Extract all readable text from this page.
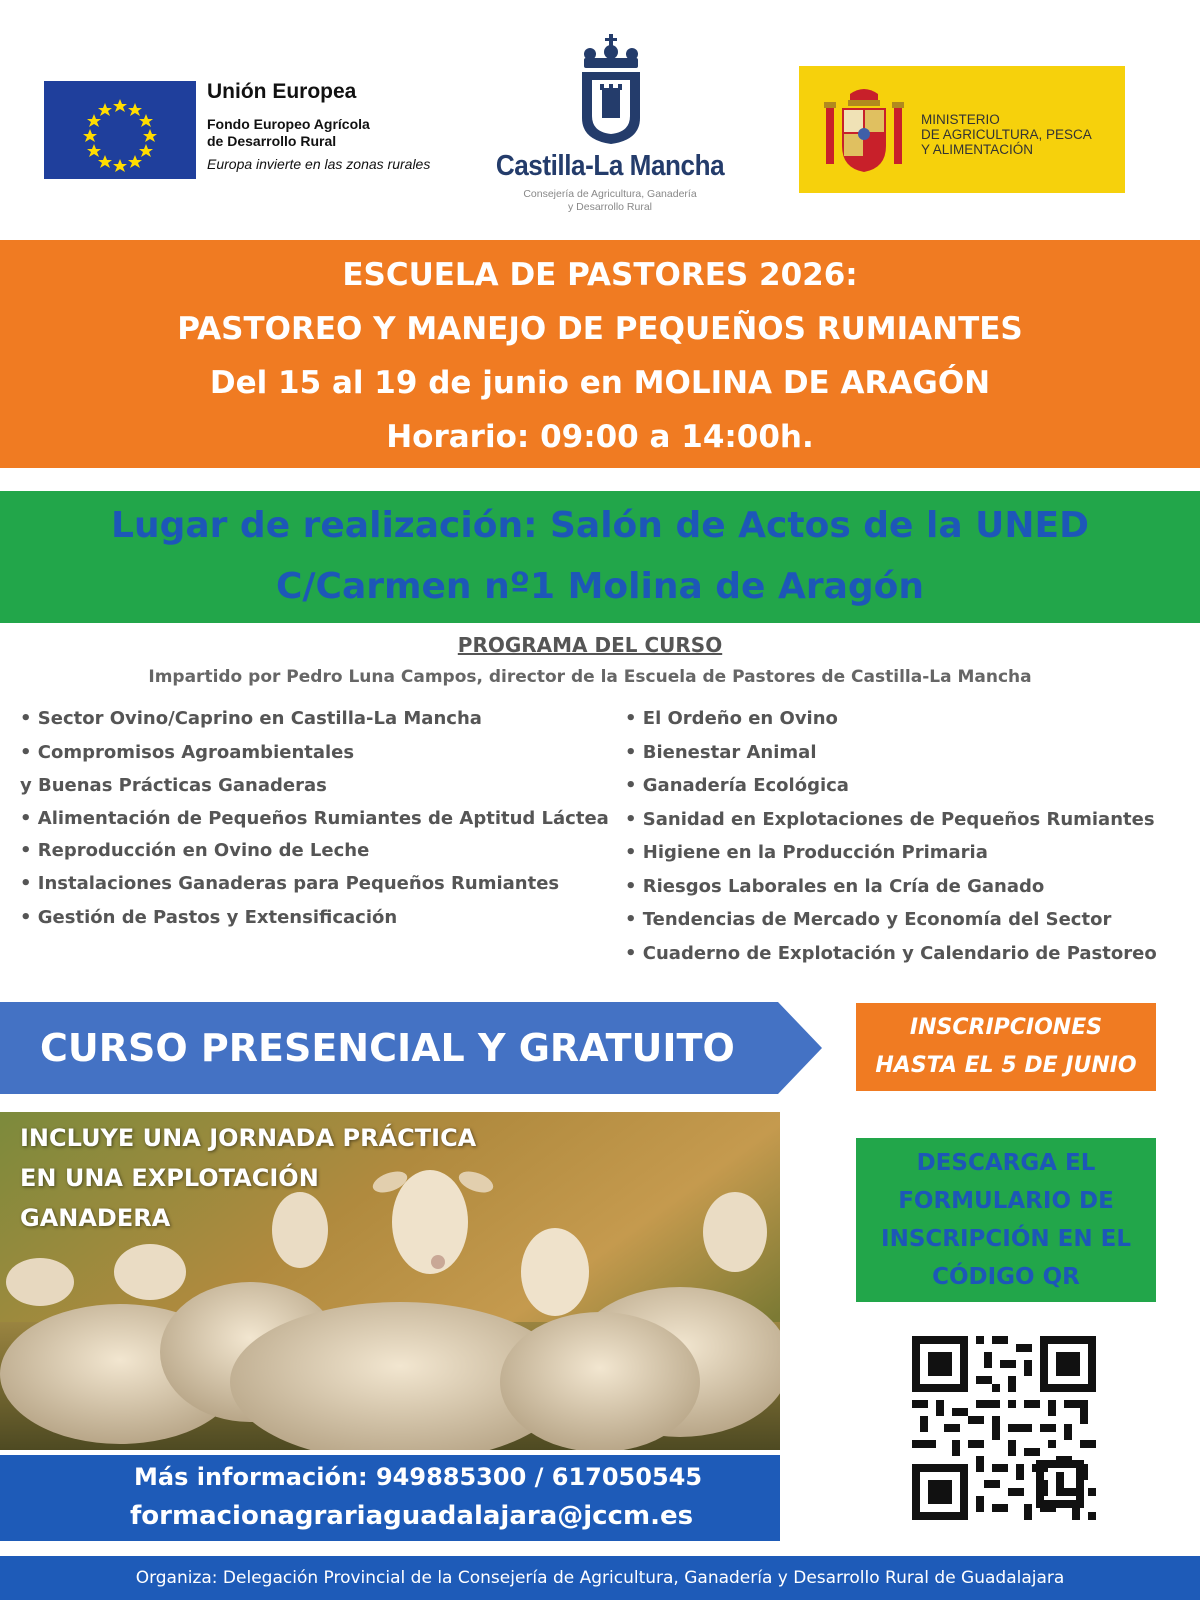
Unión Europea
Fondo Europeo Agrícola
de Desarrollo Rural
Europa invierte en las zonas rurales	Castilla-La Mancha
Consejería de Agricultura, Ganadería
y Desarrollo Rural
MINISTERIO
DE AGRICULTURA, PESCA
Y ALIMENTACIÓN
ESCUELA DE PASTORES 2026:
PASTOREO Y MANEJO DE PEQUEÑOS RUMIANTES
Del 15 al 19 de junio en MOLINA DE ARAGÓN
Horario: 09:00 a 14:00h.
Lugar de realización: Salón de Actos de la UNED
C/Carmen nº1 Molina de Aragón
PROGRAMA DEL CURSO
Impartido por Pedro Luna Campos, director de la Escuela de Pastores de Castilla-La Mancha
• Sector Ovino/Caprino en Castilla-La Mancha
• Compromisos Agroambientales
y Buenas Prácticas Ganaderas
• Alimentación de Pequeños Rumiantes de Aptitud Láctea
• Reproducción en Ovino de Leche
• Instalaciones Ganaderas para Pequeños Rumiantes
• Gestión de Pastos y Extensificación
• El Ordeño en Ovino
• Bienestar Animal
• Ganadería Ecológica
• Sanidad en Explotaciones de Pequeños Rumiantes
• Higiene en la Producción Primaria
• Riesgos Laborales en la Cría de Ganado
• Tendencias de Mercado y Economía del Sector
• Cuaderno de Explotación y Calendario de Pastoreo
CURSO PRESENCIAL Y GRATUITO	INSCRIPCIONES
HASTA EL 5 DE JUNIO
INCLUYE UNA JORNADA PRÁCTICA
EN UNA EXPLOTACIÓN
GANADERA
DESCARGA EL
FORMULARIO DE
INSCRIPCIÓN EN EL
CÓDIGO QR
Más información: 949885300 / 617050545
formacionagrariaguadalajara@jccm.es
Organiza: Delegación Provincial de la Consejería de Agricultura, Ganadería y Desarrollo Rural de Guadalajara
